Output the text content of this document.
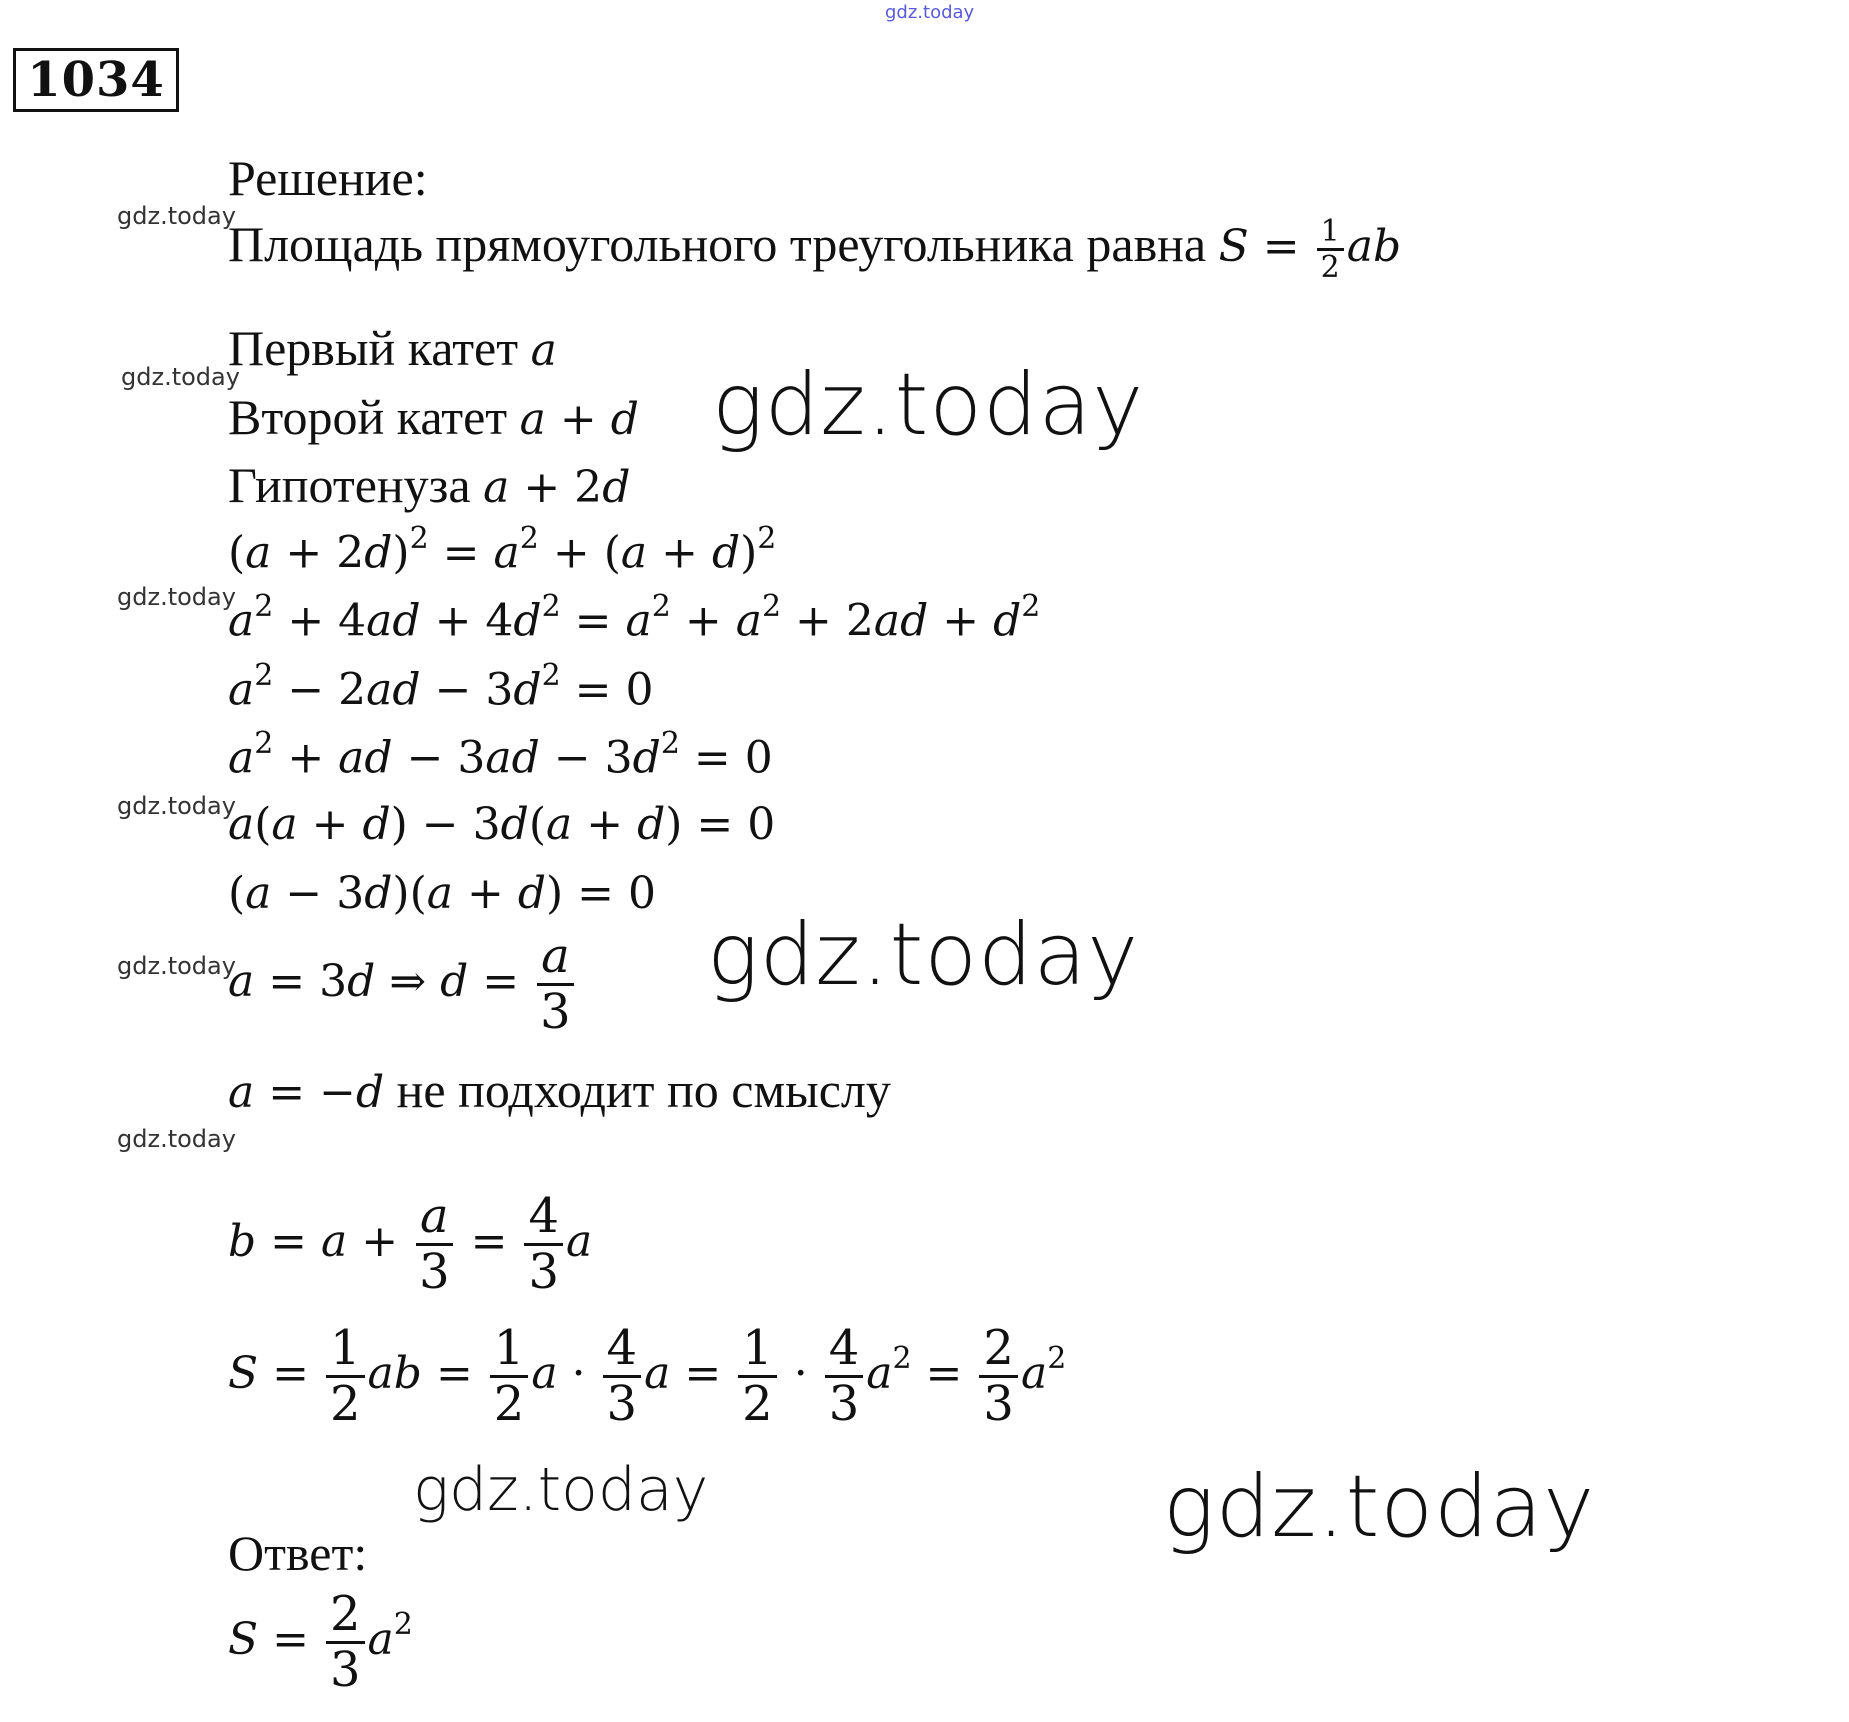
gdz.today
1034
Решение:
gdz.today
Площадь прямоугольного треугольника равна $S = \frac{1}{2}$ ab
Первый катет a
gdz.today
Второй катет a + d gdz.today
Гипотенуза a + 2d
$(a + 2d)^2 = a^2 + (a + d)^2$
gdz.today
$a^2 + 4ad + 4d^2 = a^2 + a^2 + 2ad + d^2$
$a^2 - 2ad - 3d^2 = 0$
$a^2$ + ad − $3ad - 3d^2 = 0$
gdz.today
a(a + d) − 3d(a + d) = 0
(a − 3d)(a + d) = 0
gdz.today
a = 3d ⇒ $d = \frac{a}{3}$ gdz.today
a = −d не подходит по смыслу
gdz.today
$b = a + \frac{a}{3} = \frac{4}{3}$ a
$S = \frac{1}{2}$ ab = $\frac{1}{2}$ $a \cdot \frac{4}{3}$ $a = \frac{1}{2} \cdot \frac{4}{3} a^2 = \frac{2}{3} a^2$
gdz.today	gdz.today
Ответ:
$S = \frac{2}{3} a^2$
